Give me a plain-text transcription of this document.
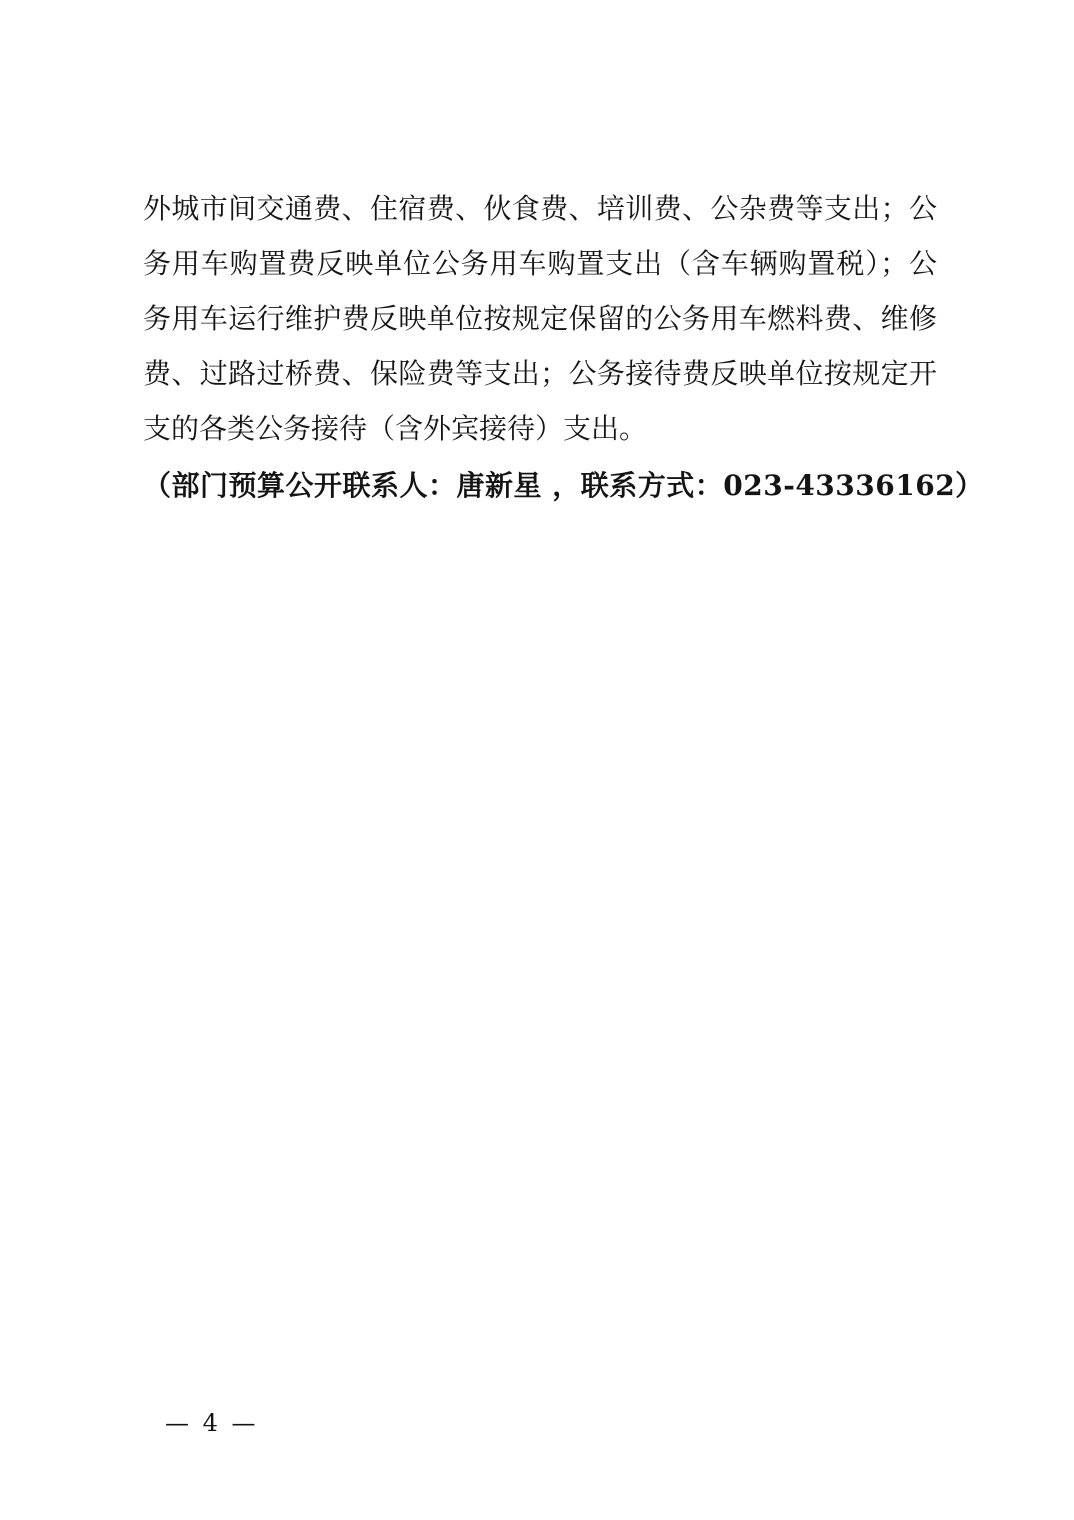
外城市间交通费、住宿费、伙食费、培训费、公杂费等支出；公
务用车购置费反映单位公务用车购置支出（含车辆购置税）；公
务用车运行维护费反映单位按规定保留的公务用车燃料费、维修
费、过路过桥费、保险费等支出；公务接待费反映单位按规定开
支的各类公务接待（含外宾接待）支出。
（部门预算公开联系人：唐新星 ，联系方式：023-43336162）
— 4 —
